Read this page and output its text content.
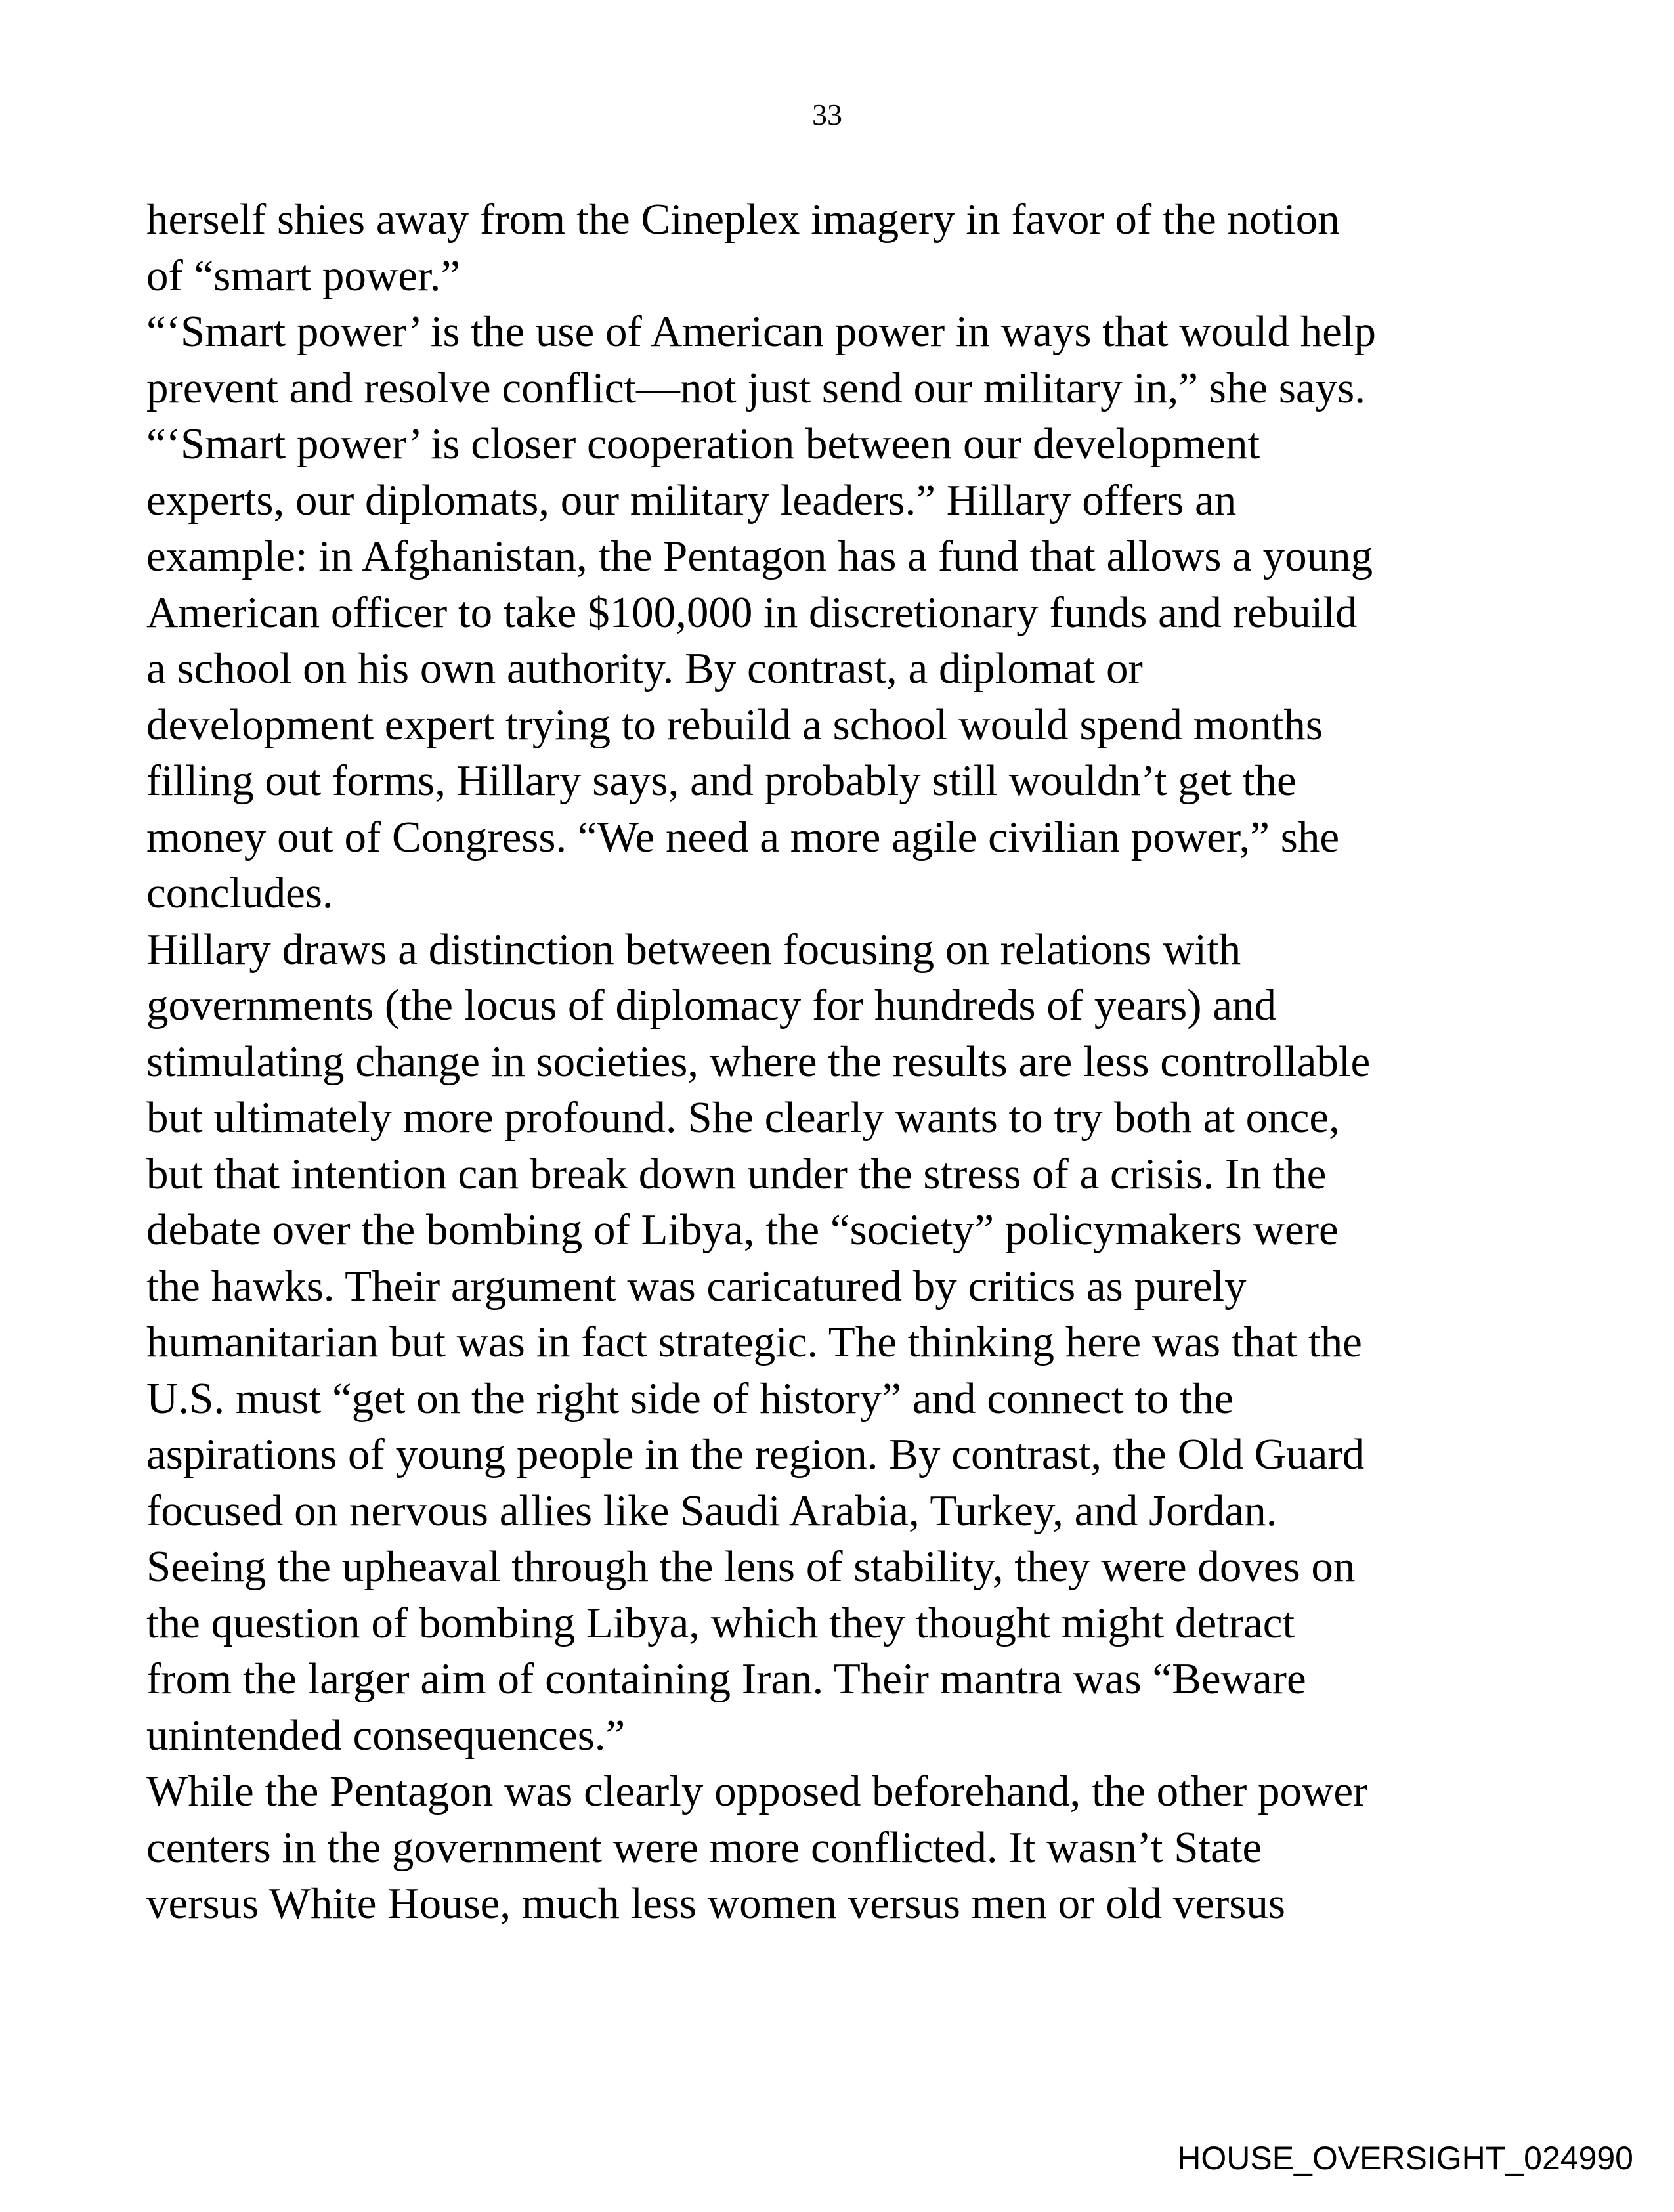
33
herself shies away from the Cineplex imagery in favor of the notion
of “smart power.”
“‘Smart power’ is the use of American power in ways that would help
prevent and resolve conflict—not just send our military in,” she says.
“‘Smart power’ is closer cooperation between our development
experts, our diplomats, our military leaders.” Hillary offers an
example: in Afghanistan, the Pentagon has a fund that allows a young
American officer to take $100,000 in discretionary funds and rebuild
a school on his own authority. By contrast, a diplomat or
development expert trying to rebuild a school would spend months
filling out forms, Hillary says, and probably still wouldn’t get the
money out of Congress. “We need a more agile civilian power,” she
concludes.
Hillary draws a distinction between focusing on relations with
governments (the locus of diplomacy for hundreds of years) and
stimulating change in societies, where the results are less controllable
but ultimately more profound. She clearly wants to try both at once,
but that intention can break down under the stress of a crisis. In the
debate over the bombing of Libya, the “society” policymakers were
the hawks. Their argument was caricatured by critics as purely
humanitarian but was in fact strategic. The thinking here was that the
U.S. must “get on the right side of history” and connect to the
aspirations of young people in the region. By contrast, the Old Guard
focused on nervous allies like Saudi Arabia, Turkey, and Jordan.
Seeing the upheaval through the lens of stability, they were doves on
the question of bombing Libya, which they thought might detract
from the larger aim of containing Iran. Their mantra was “Beware
unintended consequences.”
While the Pentagon was clearly opposed beforehand, the other power
centers in the government were more conflicted. It wasn’t State
versus White House, much less women versus men or old versus
HOUSE_OVERSIGHT_024990
